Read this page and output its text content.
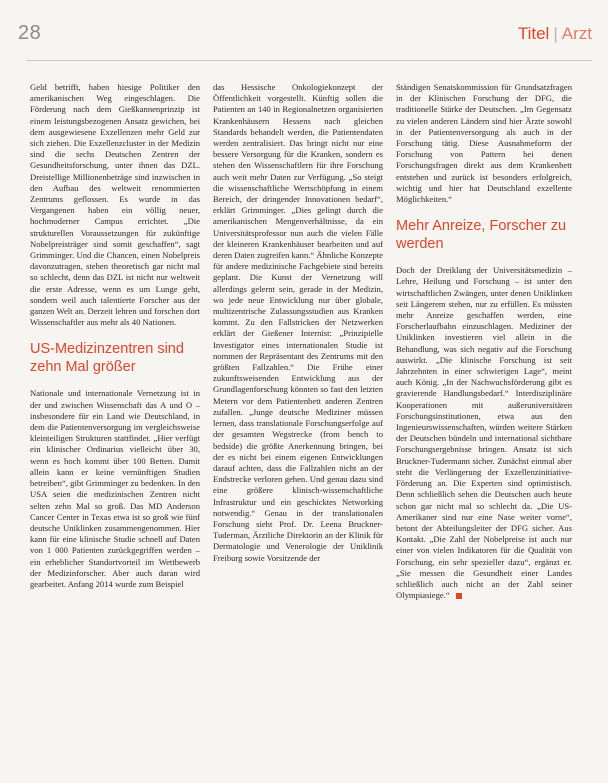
28	Titel | Arzt

Geld betrifft, haben hiesige Politiker den amerikanischen Weg eingeschlagen. Die Förderung nach dem Gießkannenprinzip ist einem leistungsbezogenen Ansatz gewichen, bei dem ausgewiesene Exzellenzen mehr Geld zur sich ziehen. Die Exzellenzcluster in der Medizin sind die sechs Deutschen Zentren der Gesundheitsforschung, unter ihnen das DZL. Dreistellige Millionenbeträge sind inzwischen in den Aufbau des weltweit renommierten Zentrums geflossen. Es wurde in das Vergangenen haben ein völlig neuer, hochmoderner Campus errichtet. „Die strukturellen Voraussetzungen für zukünftige Nobelpreisträger sind somit geschaffen“, sagt Grimminger. Und die Chancen, einen Nobelpreis davonzutragen, stehen theoretisch gar nicht mal so schlecht, denn das DZL ist nicht nur weltweit die erste Adresse, wenn es um Lunge geht, sondern weil auch talentierte Forscher aus der ganzen Welt an. Derzeit lehren und forschen dort Wissenschaftler aus mehr als 40 Nationen.

US-Medizinzentren sind zehn Mal größer

Nationale und internationale Vernetzung ist in der und zwischen Wissenschaft das A und O – insbesondere für ein Land wie Deutschland, in dem die Patientenversorgung im vergleichsweise kleinteiligen Strukturen stattfindet. „Hier verfügt ein klinischer Ordinarius vielleicht über 30, wenn es hoch kommt über 100 Betten. Damit allein kann er keine vernünftigen Studien betreiben“, gibt Grimminger zu bedenken. In den USA seien die medizinischen Zentren nicht selten zehn Mal so groß. Das MD Anderson Cancer Center in Texas etwa ist so groß wie fünf deutsche Uniklinken zusammengenommen. Hier kann für eine klinische Studie schnell auf Daten von 1 000 Patienten zurückgegriffen werden – ein erheblicher Standortvorteil im Wettbewerb der Medizinforscher. Aber auch daran wird gearbeitet. Anfang 2014 wurde zum Beispiel

das Hessische Onkologiekonzept der Öffentlichkeit vorgestellt. Künftig sollen die Patienten an 140 in Regionalnetzen organisierten Krankenhäusern Hessens nach gleichen Standards behandelt werden, die Patientendaten werden zentralisiert. Das bringt nicht nur eine bessere Versorgung für die Kranken, sondern es stehen den Wissenschaftlern für ihre Forschung auch weit mehr Daten zur Verfügung. „So steigt die wissenschaftliche Wertschöpfung in einem Bereich, der dringender Innovationen bedarf“, erklärt Grimminger. „Dies gelingt durch die amerikanischen Mengenverhältnisse, da ein Universitätsprofessor nun auch die vielen Fälle der kleineren Krankenhäuser bearbeiten und auf deren Daten zugreifen kann.“ Ähnliche Konzepte für andere medizinische Fachgebiete sind bereits geplant. Die Kunst der Vernetzung will allerdings gelernt sein, gerade in der Medizin, wo jede neue Entwicklung nur über globale, multizentrische Zulassungsstudien aus Kranken kommt. Zu den Fallstricken der Netzwerken erklärt der Gießener Internist: „Prinzipielle Investigator eines internationalen Studie ist nommen der Repräsentant des Zentrums mit den größten Fallzahlen.“ Die Frühe einer zukunftsweisenden Entwicklung aus der Grundlagenforschung könnten so fast den letzten Metern vor dem Patientenbett anderen Zentren zufallen. „Junge deutsche Mediziner müssen lernen, dass translationale Forschungserfolge auf der gesamten Wegstrecke (from bench to bedside) die größte Anerkennung bringen, bei der es nicht bei einem eigenen Entwicklungen darauf achten, dass die Fallzahlen nicht an der Endstrecke verloren gehen. Und genau dazu sind eine größere klinisch-wissenschaftliche Infrastruktur und ein geschicktes Networking notwendig.“ Genau in der translationalen Forschung sieht Prof. Dr. Leena Bruckner-Tuderman, Ärztliche Direktorin an der Klinik für Dermatologie und Venerologie der Uniklinik Freiburg sowie Vorsitzende der

Ständigen Senatskommission für Grundsatzfragen in der Klinischen Forschung der DFG, die traditionelle Stärke der Deutschen. „Im Gegensatz zu vielen anderen Ländern sind hier Ärzte sowohl in der Patientenversorgung als auch in der Forschung tätig. Diese Ausnahmeform der Forschung von Pattern bei denen Forschungsfragen direkt aus dem Krankenbett entstehen und zurück ist besonders erfolgreich, wichtig und hier hat Deutschland exzellente Möglichkeiten.“

Mehr Anreize, Forscher zu werden

Doch der Dreiklang der Universitätsmedizin – Lehre, Heilung und Forschung – ist unter den wirtschaftlichen Zwängen, unter denen Uniklinken seit Längerem stehen, nur zu erfüllen. Es müssten mehr Anreize geschaffen werden, eine Forscherlaufbahn einzuschlagen. Mediziner der Uniklinken investieren viel allein in die Behandlung, was sich negativ auf die Forschung auswirkt. „Die klinische Forschung ist seit Jahrzehnten in einer schwierigen Lage“, meint auch König. „In der Nachwuchsförderung gibt es gravierende Handlungsbedarf.“ Interdisziplinäre Kooperationen mit außeruniversitären Forschungsinstitutionen, etwa aus den Ingenieurswissenschaften, würden weitere Stärken der Deutschen bündeln und international sichtbare Forschungsergebnisse bringen. Ansatz ist sich Bruckner-Tudermann sicher. Zunächst einmal aber steht die Verlängerung der Exzellenzinitiative-Förderung an. Die Experten sind optimistisch. Denn schließlich sehen die Deutschen auch heute schon gar nicht mal so schlecht da. „Die US-Amerikaner sind nur eine Nase weiter vorne“, betont der Abteilungsleiter der DFG sicher. Aus Kontakt. „Die Zahl der Nobelpreise ist auch nur einer von vielen Indikatoren für die Qualität von Forschung, ein sehr spezieller dazu“, ergänzt er. „Sie messen die Gesundheit einer Landes schließlich auch nicht an der Zahl seiner Olympiasiege.“
